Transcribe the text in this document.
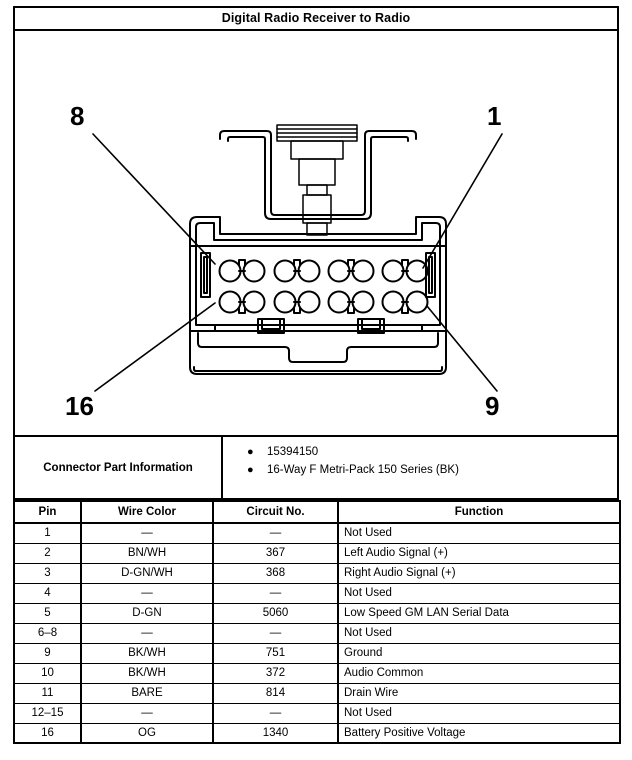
Digital Radio Receiver to Radio
8	1
16	9
Connector Part Information
●	15394150
●	16-Way F Metri-Pack 150 Series (BK)
Pin	Wire Color	Circuit No.	Function
1	—	—	Not Used
2	BN/WH	367	Left Audio Signal (+)
3	D-GN/WH	368	Right Audio Signal (+)
4	—	—	Not Used
5	D-GN	5060	Low Speed GM LAN Serial Data
6–8	—	—	Not Used
9	BK/WH	751	Ground
10	BK/WH	372	Audio Common
11	BARE	814	Drain Wire
12–15	—	—	Not Used
16	OG	1340	Battery Positive Voltage
